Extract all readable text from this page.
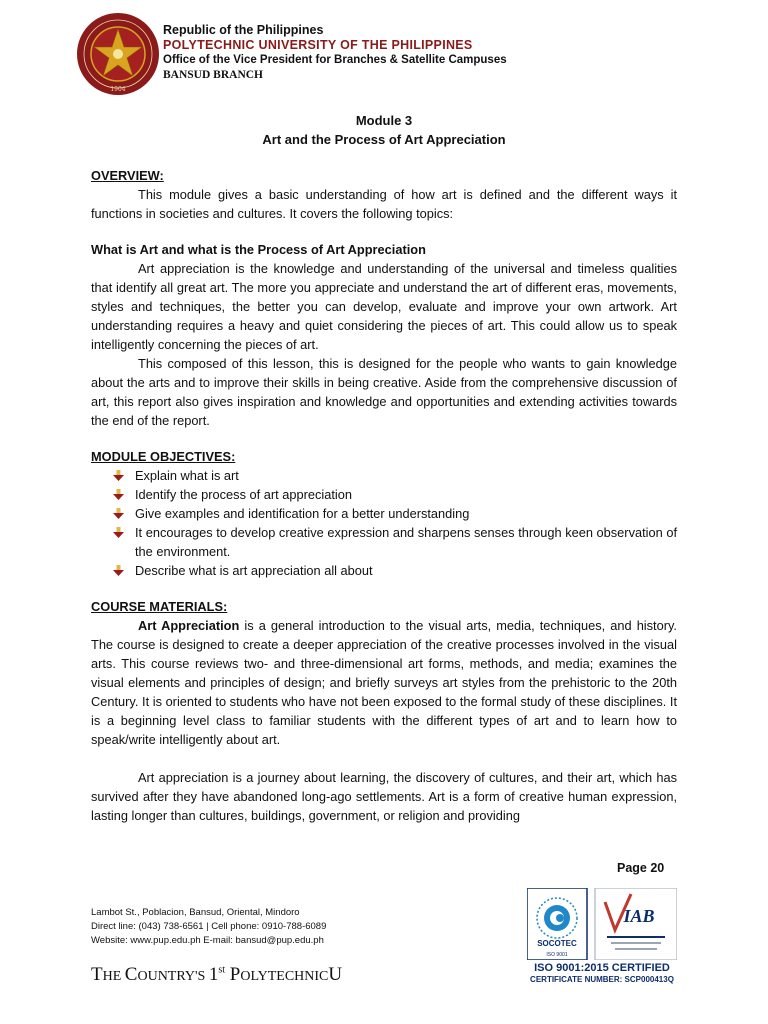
1904
Republic of the Philippines
POLYTECHNIC UNIVERSITY OF THE PHILIPPINES
Office of the Vice President for Branches & Satellite Campuses
BANSUD BRANCH
Module 3
Art and the Process of Art Appreciation
OVERVIEW:

This module gives a basic understanding of how art is defined and the different ways it functions in societies and cultures. It covers the following topics:

What is Art and what is the Process of Art Appreciation

Art appreciation is the knowledge and understanding of the universal and timeless qualities that identify all great art. The more you appreciate and understand the art of different eras, movements, styles and techniques, the better you can develop, evaluate and improve your own artwork. Art understanding requires a heavy and quiet considering the pieces of art. This could allow us to speak intelligently concerning the pieces of art.

This composed of this lesson, this is designed for the people who wants to gain knowledge about the arts and to improve their skills in being creative. Aside from the comprehensive discussion of art, this report also gives inspiration and knowledge and opportunities and extending activities towards the end of the report.

MODULE OBJECTIVES:
Explain what is art
Identify the process of art appreciation
Give examples and identification for a better understanding
It encourages to develop creative expression and sharpens senses through keen observation of the environment.
Describe what is art appreciation all about
COURSE MATERIALS:

Art Appreciation is a general introduction to the visual arts, media, techniques, and history. The course is designed to create a deeper appreciation of the creative processes involved in the visual arts. This course reviews two- and three-dimensional art forms, methods, and media; examines the visual elements and principles of design; and briefly surveys art styles from the prehistoric to the 20th Century. It is oriented to students who have not been exposed to the formal study of these disciplines. It is a beginning level class to familiar students with the different types of art and to learn how to speak/write intelligently about art.

Art appreciation is a journey about learning, the discovery of cultures, and their art, which has survived after they have abandoned long-ago settlements. Art is a form of creative human expression, lasting longer than cultures, buildings, government, or religion and providing

Page 20
Lambot St., Poblacion, Bansud, Oriental, Mindoro
Direct line: (043) 738-6561 | Cell phone: 0910-788-6089
Website: www.pup.edu.ph E-mail: bansud@pup.edu.ph
THE COUNTRY'S 1st POLYTECHNICU
SOCOTEC
ISO 9001
IAB
ISO 9001:2015 CERTIFIED
CERTIFICATE NUMBER: SCP000413Q
